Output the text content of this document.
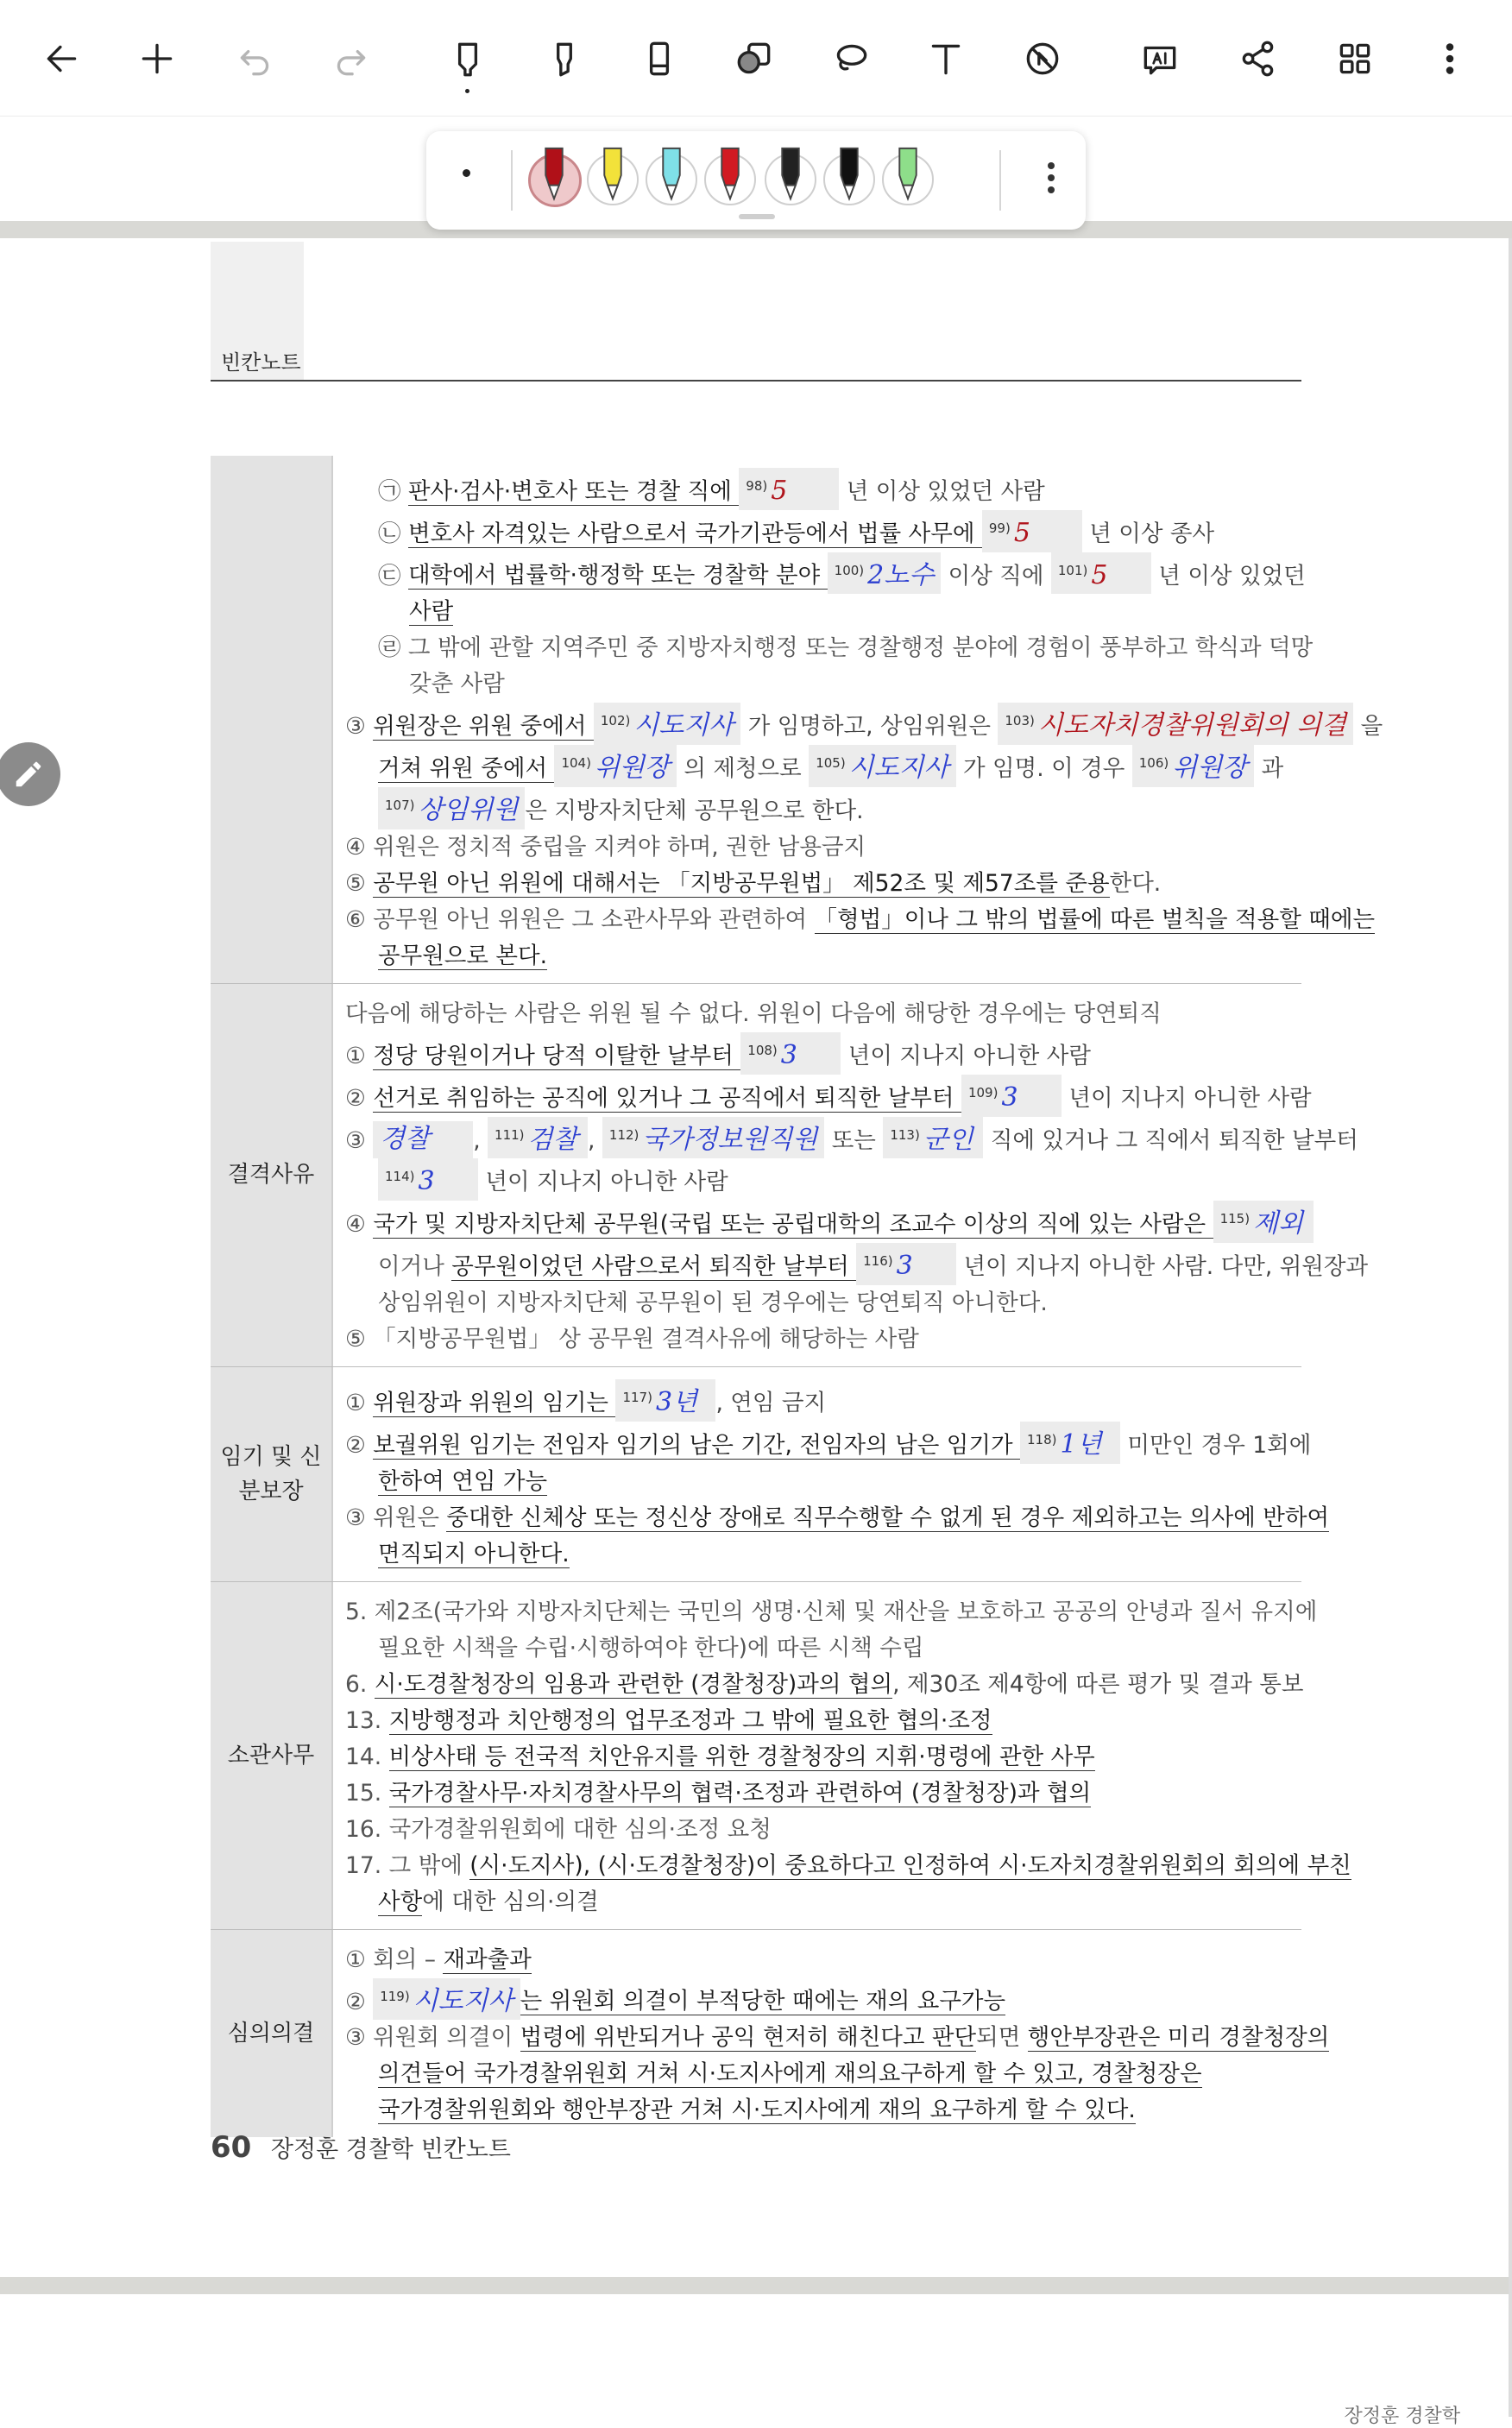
빈칸노트
㉠ 판사·검사·변호사 또는 경찰 직에 $^{98)}$ 5 년 이상 있었던 사람
㉡ 변호사 자격있는 사람으로서 국가기관등에서 법률 사무에 $^{99)}$ 5 년 이상 종사
㉢ 대학에서 법률학·행정학 또는 경찰학 분야 $^{100)}$ 2노수 이상 직에 $^{101)}$ 5 년 이상 있었던
사람
㉣ 그 밖에 관할 지역주민 중 지방자치행정 또는 경찰행정 분야에 경험이 풍부하고 학식과 덕망
갖춘 사람
③ 위원장은 위원 중에서 $^{102)}$ 시도지사 가 임명하고, 상임위원은 $^{103)}$ 시도자치경찰위원회의 의결 을
거쳐 위원 중에서 $^{104)}$ 위원장 의 제청으로 $^{105)}$ 시도지사 가 임명. 이 경우 $^{106)}$ 위원장 과
$^{107)}$ 상임위원 은 지방자치단체 공무원으로 한다.
④ 위원은 정치적 중립을 지켜야 하며, 권한 남용금지
⑤ 공무원 아닌 위원에 대해서는 「지방공무원법」 제52조 및 제57조를 준용한다.
⑥ 공무원 아닌 위원은 그 소관사무와 관련하여 「형법」이나 그 밖의 법률에 따른 벌칙을 적용할 때에는
공무원으로 본다.
결격사유
다음에 해당하는 사람은 위원 될 수 없다. 위원이 다음에 해당한 경우에는 당연퇴직
① 정당 당원이거나 당적 이탈한 날부터 $^{108)}$ 3 년이 지나지 아니한 사람
② 선거로 취임하는 공직에 있거나 그 공직에서 퇴직한 날부터 $^{109)}$ 3 년이 지나지 아니한 사람
③ 경찰 , $^{111)}$ 검찰 , $^{112)}$ 국가정보원직원 또는 $^{113)}$ 군인 직에 있거나 그 직에서 퇴직한 날부터
$^{114)}$ 3 년이 지나지 아니한 사람
④ 국가 및 지방자치단체 공무원(국립 또는 공립대학의 조교수 이상의 직에 있는 사람은 $^{115)}$ 제외
이거나 공무원이었던 사람으로서 퇴직한 날부터 $^{116)}$ 3 년이 지나지 아니한 사람. 다만, 위원장과
상임위원이 지방자치단체 공무원이 된 경우에는 당연퇴직 아니한다.
⑤ 「지방공무원법」 상 공무원 결격사유에 해당하는 사람
임기 및 신분보장
① 위원장과 위원의 임기는 $^{117)}$ 3년 , 연임 금지
② 보궐위원 임기는 전임자 임기의 남은 기간, 전임자의 남은 임기가 $^{118)}$ 1년 미만인 경우 1회에
한하여 연임 가능
③ 위원은 중대한 신체상 또는 정신상 장애로 직무수행할 수 없게 된 경우 제외하고는 의사에 반하여
면직되지 아니한다.
소관사무
5. 제2조(국가와 지방자치단체는 국민의 생명·신체 및 재산을 보호하고 공공의 안녕과 질서 유지에
필요한 시책을 수립·시행하여야 한다)에 따른 시책 수립
6. 시·도경찰청장의 임용과 관련한 (경찰청장)과의 협의, 제30조 제4항에 따른 평가 및 결과 통보
13. 지방행정과 치안행정의 업무조정과 그 밖에 필요한 협의·조정
14. 비상사태 등 전국적 치안유지를 위한 경찰청장의 지휘·명령에 관한 사무
15. 국가경찰사무·자치경찰사무의 협력·조정과 관련하여 (경찰청장)과 협의
16. 국가경찰위원회에 대한 심의·조정 요청
17. 그 밖에 (시·도지사), (시·도경찰청장)이 중요하다고 인정하여 시·도자치경찰위원회의 회의에 부친
사항에 대한 심의·의결
심의의결
① 회의 – 재과출과
② $^{119)}$ 시도지사 는 위원회 의결이 부적당한 때에는 재의 요구가능
③ 위원회 의결이 법령에 위반되거나 공익 현저히 해친다고 판단되면 행안부장관은 미리 경찰청장의
의견들어 국가경찰위원회 거쳐 시·도지사에게 재의요구하게 할 수 있고, 경찰청장은
국가경찰위원회와 행안부장관 거쳐 시·도지사에게 재의 요구하게 할 수 있다.
60 장정훈 경찰학 빈칸노트
장정훈 경찰학
